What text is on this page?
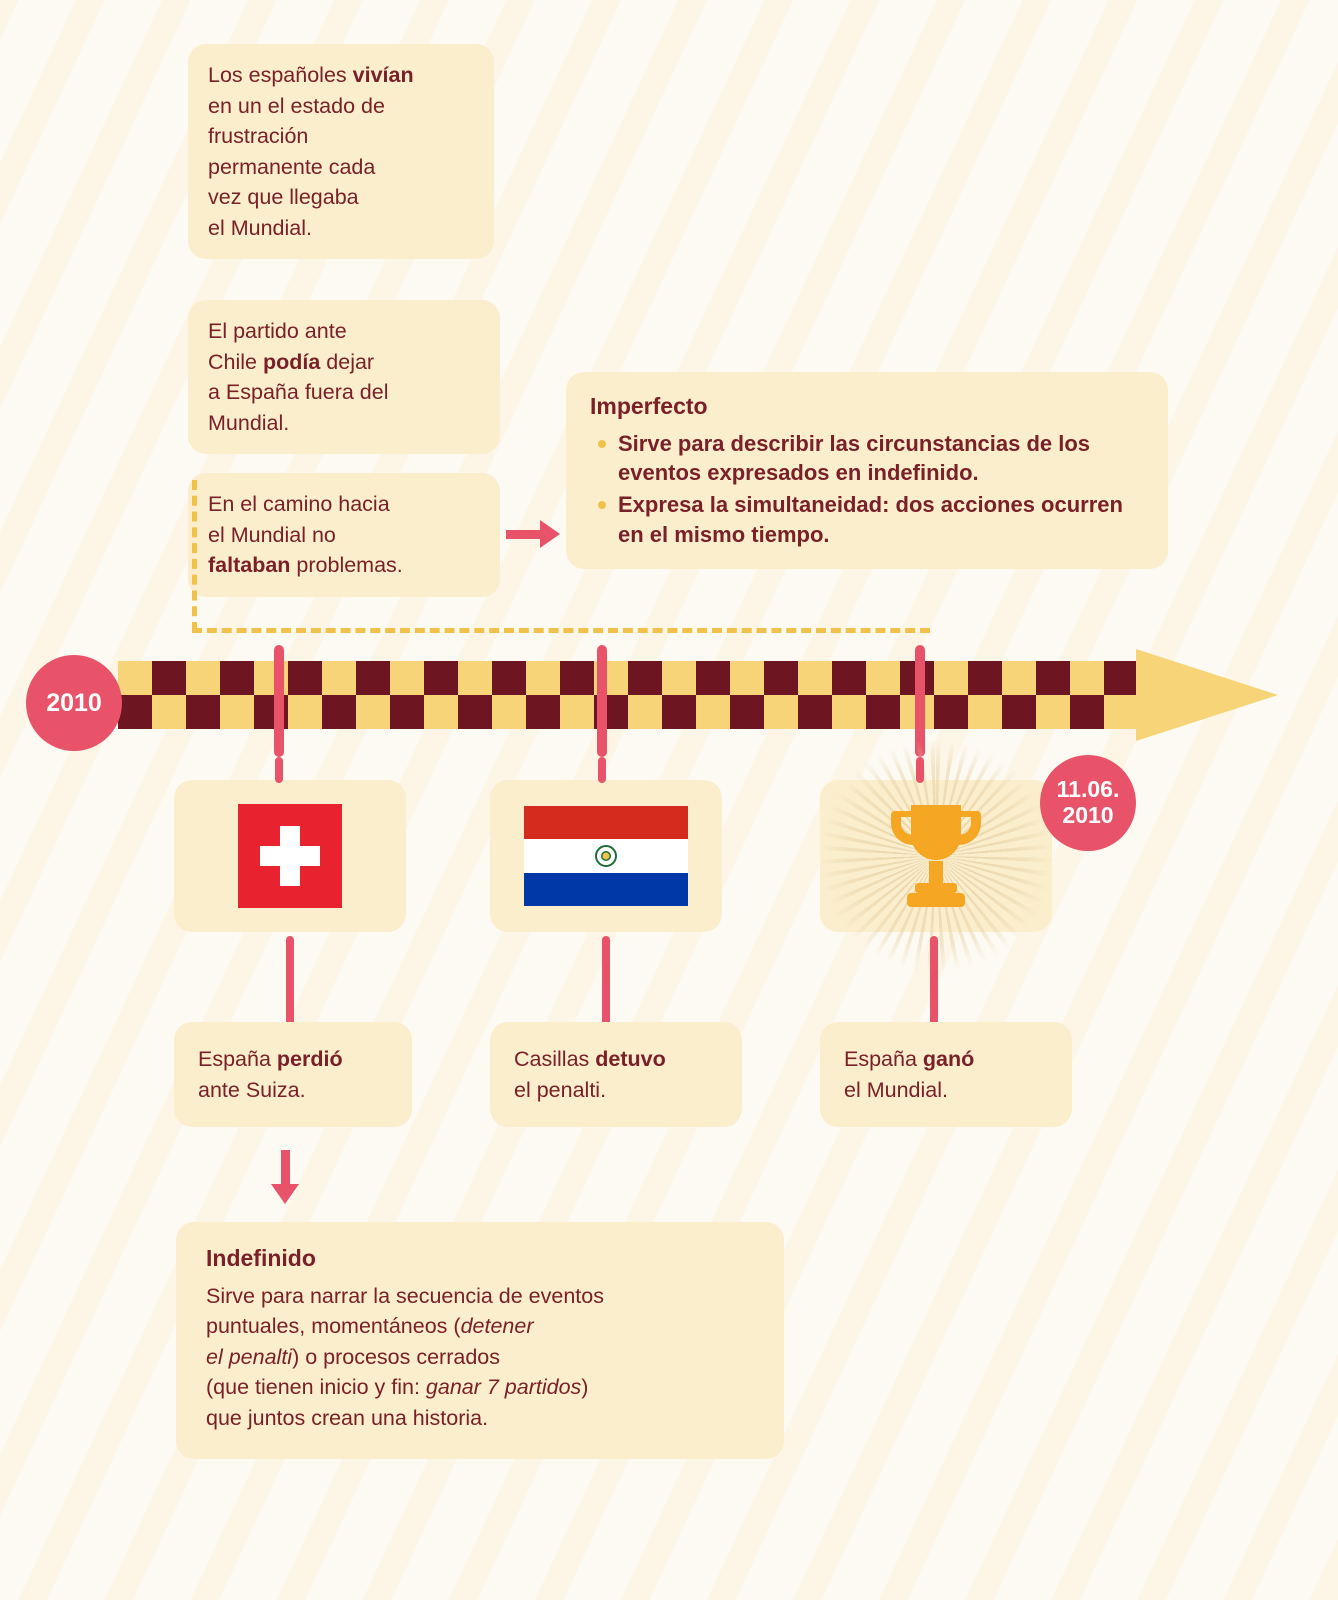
Los españoles vivían
en un el estado de
frustración
permanente cada
vez que llegaba
el Mundial.
El partido ante
Chile podía dejar
a España fuera del
Mundial.
En el camino hacia
el Mundial no
faltaban problemas.
Imperfecto
Sirve para describir las circunstancias de los eventos expresados en indefinido.
Expresa la simultaneidad: dos acciones ocurren en el mismo tiempo.
2010
11.06.
2010
España perdió
ante Suiza.
Casillas detuvo
el penalti.
España ganó
el Mundial.
Indefinido
Sirve para narrar la secuencia de eventos
puntuales, momentáneos (detener
el penalti) o procesos cerrados
(que tienen inicio y fin: ganar 7 partidos)
que juntos crean una historia.
